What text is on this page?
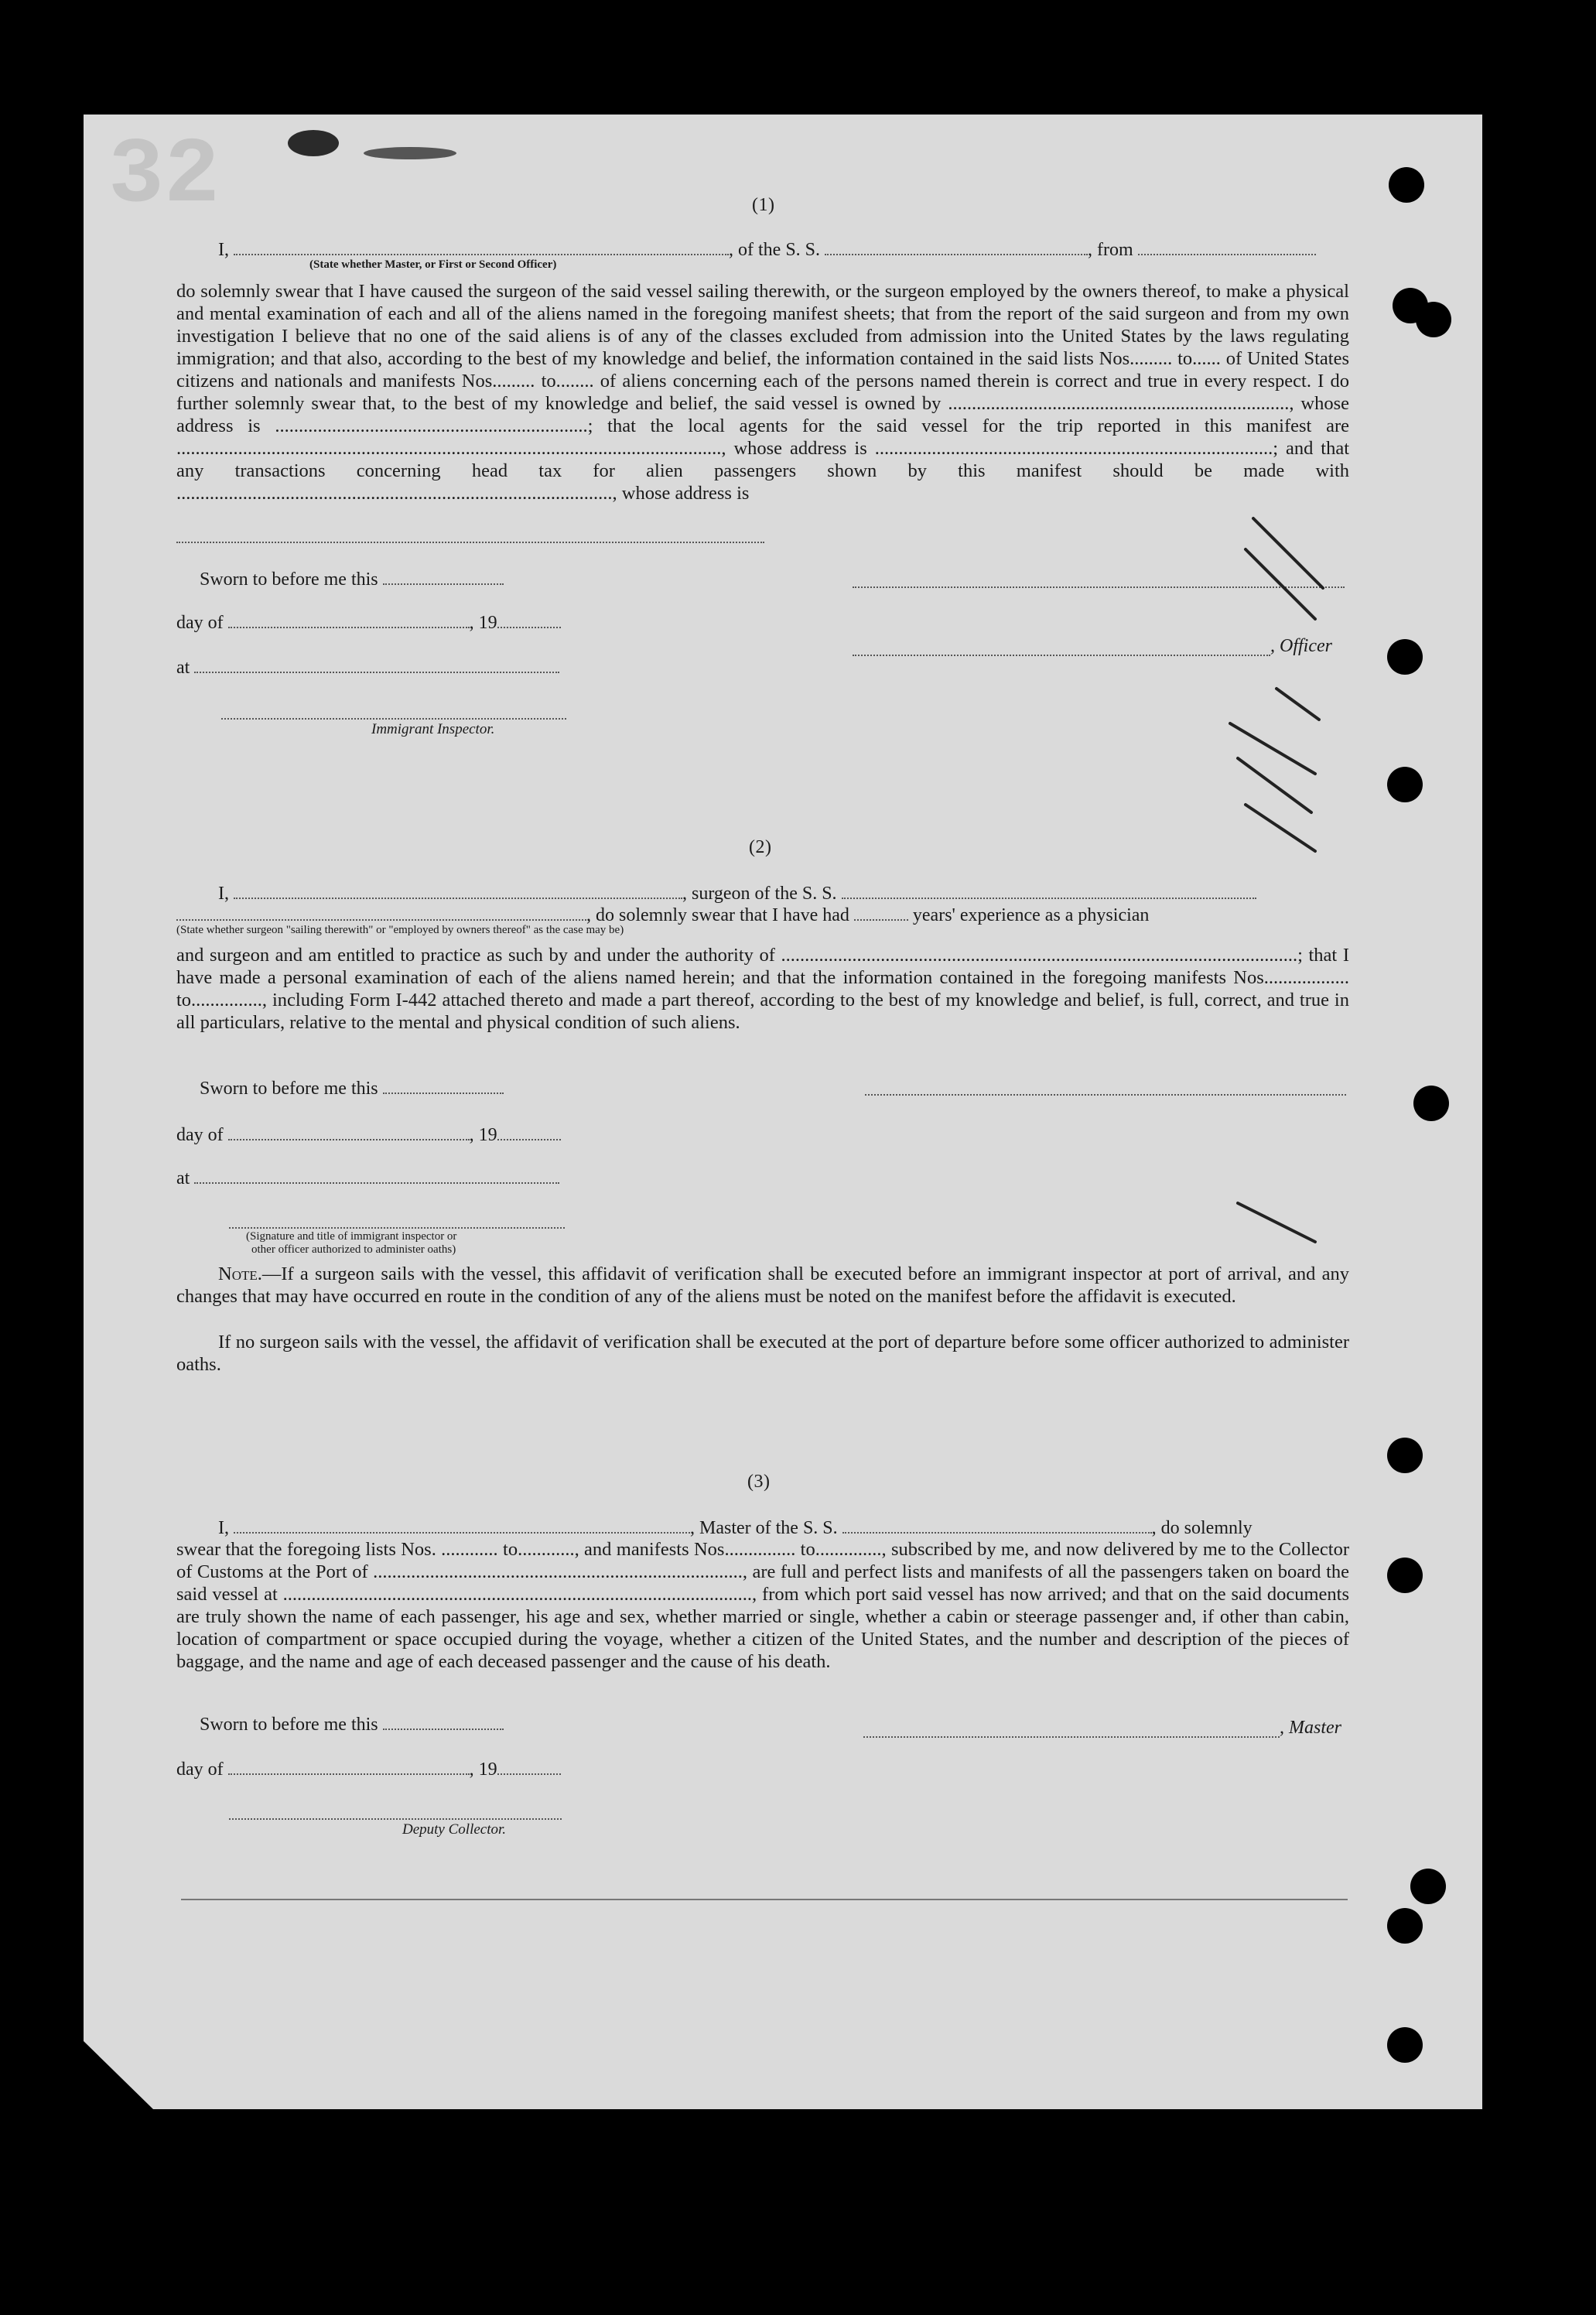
32	(1)
I,	, of the S. S.	, from
(State whether Master, or First or Second Officer)
do solemnly swear that I have caused the surgeon of the said vessel sailing therewith, or the surgeon employed by the owners thereof, to make a physical and mental examination of each and all of the aliens named in the foregoing manifest sheets; that from the report of the said surgeon and from my own investigation I believe that no one of the said aliens is of any of the classes excluded from admission into the United States by the laws regulating immigration; and that also, according to the best of my knowledge and belief, the information contained in the said lists Nos......... to...... of United States citizens and nationals and manifests Nos......... to........ of aliens concerning each of the persons named therein is correct and true in every respect. I do further solemnly swear that, to the best of my knowledge and belief, the said vessel is owned by ........................................................................, whose address is ..................................................................; that the local agents for the said vessel for the trip reported in this manifest are ..................................................................................................................., whose address is ....................................................................................; and that any transactions concerning head tax for alien passengers shown by this manifest should be made with ............................................................................................, whose address is
Sworn to before me this
day of	, 19
, Officer
at
Immigrant Inspector.
(2)
I,	, surgeon of the S. S.
, do solemnly swear that I have had	years' experience as a physician
(State whether surgeon "sailing therewith" or "employed by owners thereof" as the case may be)
and surgeon and am entitled to practice as such by and under the authority of .............................................................................................................; that I have made a personal examination of each of the aliens named herein; and that the information contained in the foregoing manifests Nos.................. to..............., including Form I-442 attached thereto and made a part thereof, according to the best of my knowledge and belief, is full, correct, and true in all particulars, relative to the mental and physical condition of such aliens.
Sworn to before me this
day of	, 19
at
(Signature and title of immigrant inspector or
other officer authorized to administer oaths)
Note.—If a surgeon sails with the vessel, this affidavit of verification shall be executed before an immigrant inspector at port of arrival, and any changes that may have occurred en route in the condition of any of the aliens must be noted on the manifest before the affidavit is executed.
If no surgeon sails with the vessel, the affidavit of verification shall be executed at the port of departure before some officer authorized to administer oaths.
(3)
I,	, Master of the S. S.	, do solemnly
swear that the foregoing lists Nos. ............ to............, and manifests Nos............... to.............., subscribed by me, and now delivered by me to the Collector of Customs at the Port of .............................................................................., are full and perfect lists and manifests of all the passengers taken on board the said vessel at ..................................................................................................., from which port said vessel has now arrived; and that on the said documents are truly shown the name of each passenger, his age and sex, whether married or single, whether a cabin or steerage passenger and, if other than cabin, location of compartment or space occupied during the voyage, whether a citizen of the United States, and the number and description of the pieces of baggage, and the name and age of each deceased passenger and the cause of his death.
Sworn to before me this	, Master
day of	, 19
Deputy Collector.
